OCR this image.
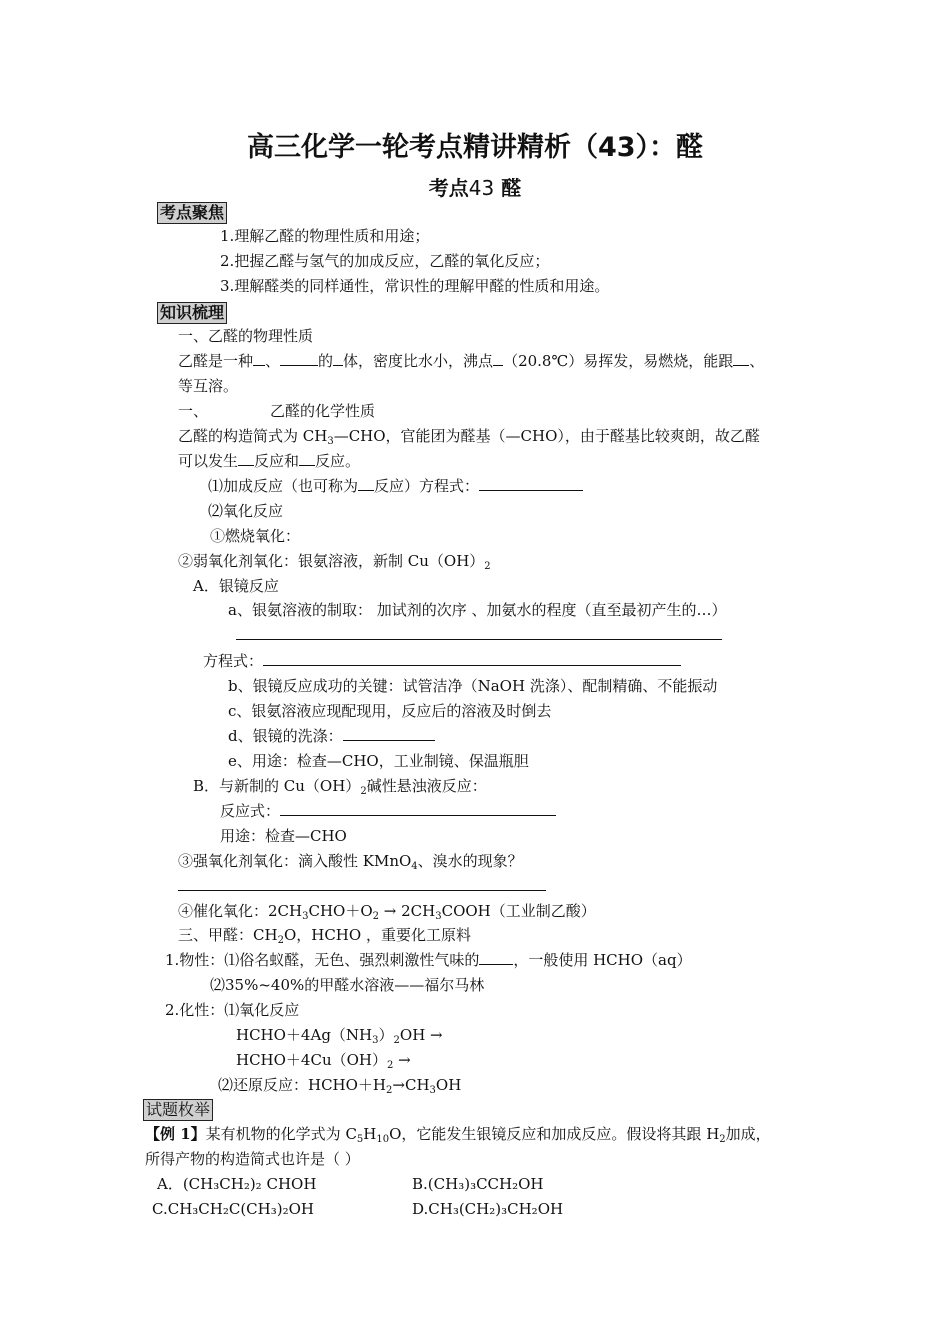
高三化学一轮考点精讲精析（43）：醛
考点43 醛
考点聚焦
1.理解乙醛的物理性质和用途；
2.把握乙醛与氢气的加成反应，乙醛的氧化反应；
3.理解醛类的同样通性，常识性的理解甲醛的性质和用途。
知识梳理
一、乙醛的物理性质
乙醛是一种 、	的 体，密度比水小，沸点 （20.8℃）易挥发，易燃烧，能跟 、
等互溶。
一、	乙醛的化学性质
乙醛的构造简式为 $CH_3—CHO$，官能团为醛基（—CHO），由于醛基比较爽朗，故乙醛
可以发生 反应和 反应。
⑴加成反应（也可称为 反应）方程式：
⑵氧化反应
①燃烧氧化：
②弱氧化剂氧化：银氨溶液，新制 $Cu(OH)_2$
A．银镜反应
a、银氨溶液的制取： 加试剂的次序 、加氨水的程度（直至最初产生的…）
方程式：
b、银镜反应成功的关键：试管洁净（NaOH 洗涤）、配制精确、不能振动
c、银氨溶液应现配现用，反应后的溶液及时倒去
d、银镜的洗涤：
e、用途：检查—CHO，工业制镜、保温瓶胆
B．与新制的 $Cu(OH)_2$碱性悬浊液反应：
反应式：
用途：检查—CHO
③强氧化剂氧化：滴入酸性 KMnO$_4$、溴水的现象？
④催化氧化：$2CH_3CHO+O_2$ → $2CH_3COOH$（工业制乙酸）
三、甲醛：$CH_2O$，HCHO ，重要化工原料
1.物性：⑴俗名蚁醛，无色、强烈刺激性气味的 ，一般使用 HCHO（aq）
⑵35%~40%的甲醛水溶液——福尔马林
2.化性：⑴氧化反应
$HCHO+4Ag(NH_3)_2OH$ →
$HCHO+4Cu(OH)_2$ →
⑵还原反应：$HCHO+H_2\to CH_3OH$
试题枚举
【例 1】某有机物的化学式为 $C_5H_{10}O$，它能发生银镜反应和加成反应。假设将其跟 $H_2$加成，
所得产物的构造简式也许是（ ）
A．(CH₃CH₂)₂ CHOH	B.(CH₃)₃CCH₂OH
C.CH₃CH₂C(CH₃)₂OH	D.CH₃(CH₂)₃CH₂OH
